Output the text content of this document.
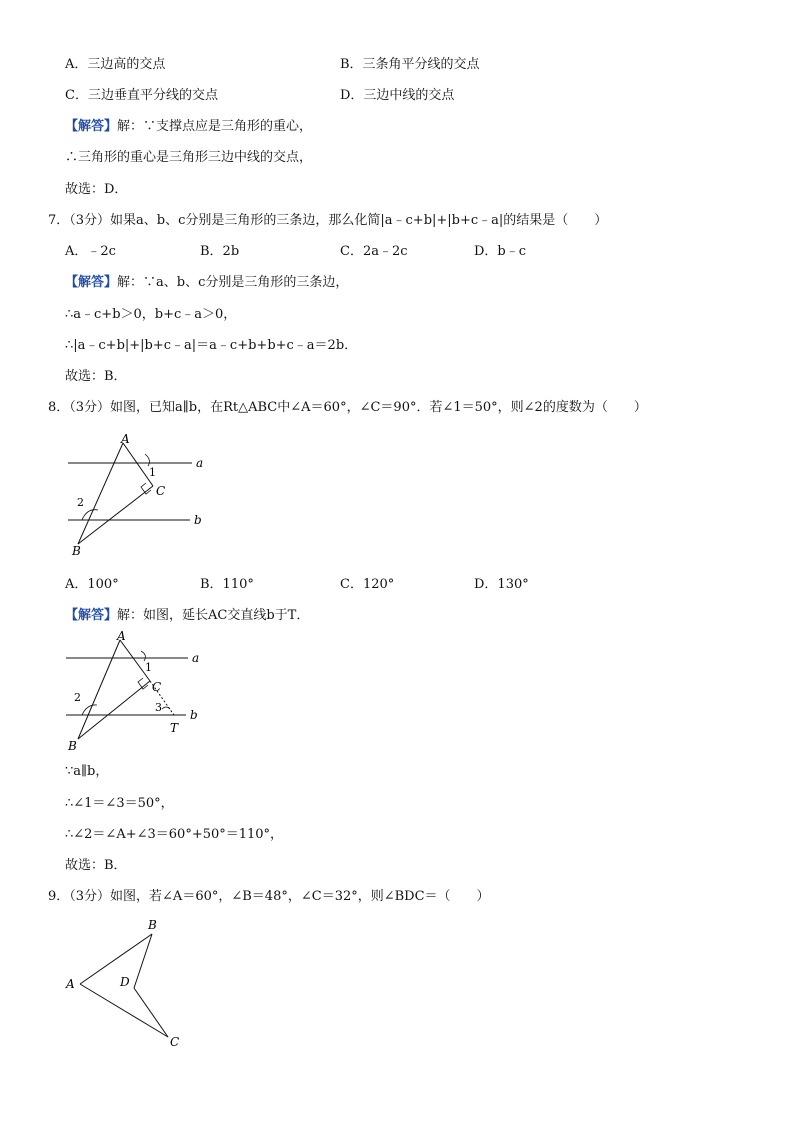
A．三边高的交点	B．三条角平分线的交点
C．三边垂直平分线的交点	D．三边中线的交点
【解答】解：∵支撑点应是三角形的重心，
∴三角形的重心是三角形三边中线的交点，
故选：D．
7．（3分）如果a、b、c分别是三角形的三条边，那么化简|a﹣c+b|+|b+c﹣a|的结果是（　　）
A．﹣2c	B．2b	C．2a﹣2c	D．b﹣c
【解答】解：∵a、b、c分别是三角形的三条边，
∴a﹣c+b＞0，b+c﹣a＞0，
∴|a﹣c+b|+|b+c﹣a|＝a﹣c+b+b+c﹣a＝2b．
故选：B．
8．（3分）如图，已知a∥b，在Rt△ABC中∠A＝60°，∠C＝90°．若∠1＝50°，则∠2的度数为（　　）
A
B
C
a
b
1
2
A．100°	B．110°	C．120°	D．130°
【解答】解：如图，延长AC交直线b于T．
A
B
C
T
a
b
1
2
3
∵a∥b，
∴∠1＝∠3＝50°，
∴∠2＝∠A+∠3＝60°+50°＝110°，
故选：B．
9．（3分）如图，若∠A＝60°，∠B＝48°，∠C＝32°，则∠BDC＝（　　）
A
B
C
D
